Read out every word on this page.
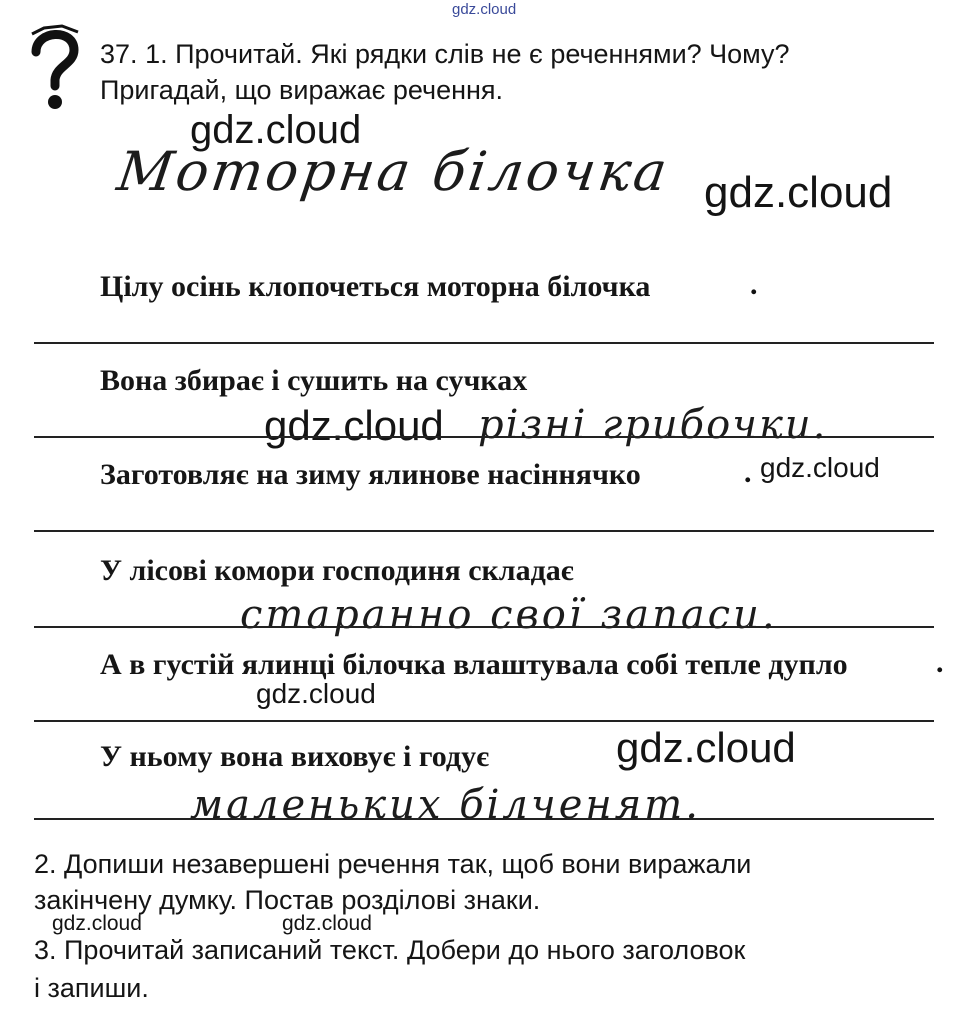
gdz.cloud
37. 1. Прочитай. Які рядки слів не є реченнями? Чому?
Пригадай, що виражає речення.
gdz.cloud
gdz.cloud
Моторна білочка
Цілу осінь клопочеться моторна білочка	.
Вона збирає і сушить на сучках
gdz.cloud різні грибочки.
Заготовляє на зиму ялинове насіннячко	. gdz.cloud
У лісові комори господиня складає
старанно свої запаси.
А в густій ялинці білочка влаштувала собі тепле дупло	.
gdz.cloud
У ньому вона виховує і годує	gdz.cloud
маленьких білченят.
2. Допиши незавершені речення так, щоб вони виражали
закінчену думку. Постав розділові знаки.
gdz.cloud	gdz.cloud
3. Прочитай записаний текст. Добери до нього заголовок
і запиши.
